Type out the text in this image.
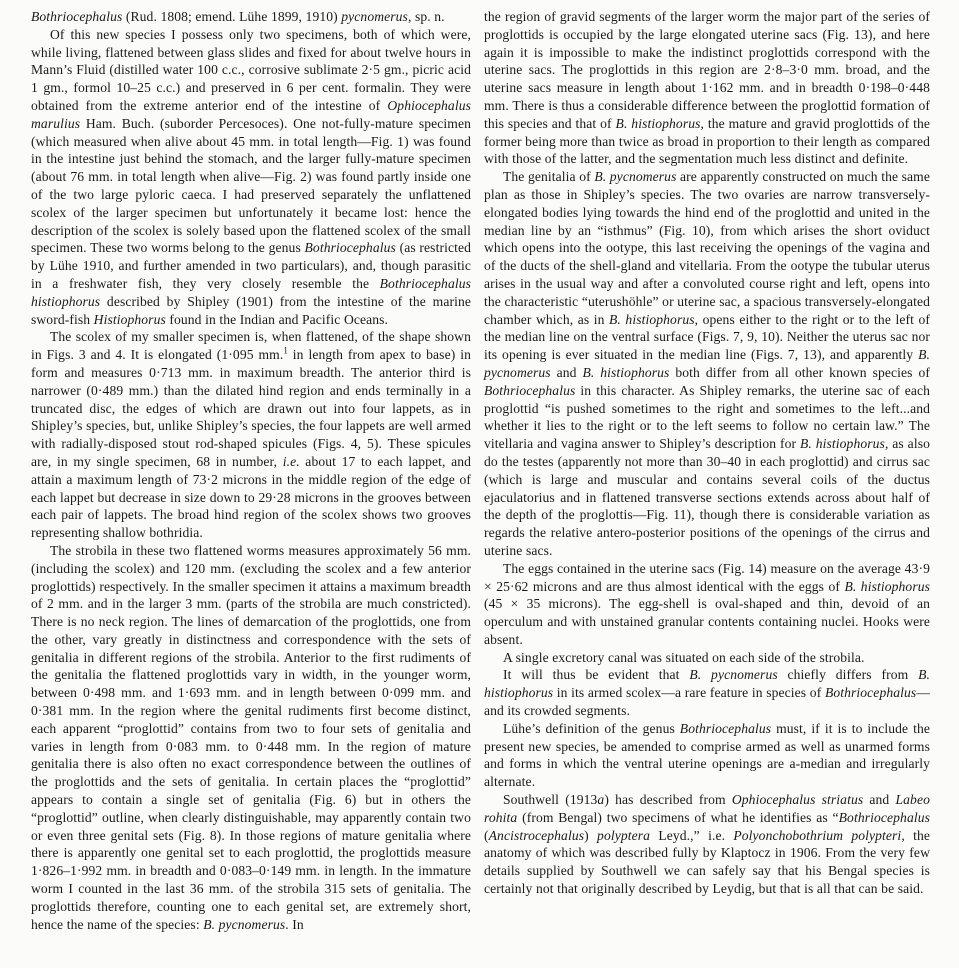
Bothriocephalus (Rud. 1808; emend. Lühe 1899, 1910) pycnomerus, sp. n.

Of this new species I possess only two specimens, both of which were, while living, flattened between glass slides and fixed for about twelve hours in Mann’s Fluid (distilled water 100 c.c., corrosive sublimate 2·5 gm., picric acid 1 gm., formol 10–25 c.c.) and preserved in 6 per cent. formalin. They were obtained from the extreme anterior end of the intestine of Ophiocephalus marulius Ham. Buch. (suborder Percesoces). One not-fully-mature specimen (which measured when alive about 45 mm. in total length—Fig. 1) was found in the intestine just behind the stomach, and the larger fully-mature specimen (about 76 mm. in total length when alive—Fig. 2) was found partly inside one of the two large pyloric caeca. I had preserved separately the unflattened scolex of the larger specimen but unfortunately it became lost: hence the description of the scolex is solely based upon the flattened scolex of the small specimen. These two worms belong to the genus Bothriocephalus (as restricted by Lühe 1910, and further amended in two particulars), and, though parasitic in a freshwater fish, they very closely resemble the Bothriocephalus histiophorus described by Shipley (1901) from the intestine of the marine sword-fish Histiophorus found in the Indian and Pacific Oceans.

The scolex of my smaller specimen is, when flattened, of the shape shown in Figs. 3 and 4. It is elongated (1·095 mm.$^1$ in length from apex to base) in form and measures 0·713 mm. in maximum breadth. The anterior third is narrower (0·489 mm.) than the dilated hind region and ends terminally in a truncated disc, the edges of which are drawn out into four lappets, as in Shipley’s species, but, unlike Shipley’s species, the four lappets are well armed with radially-disposed stout rod-shaped spicules (Figs. 4, 5). These spicules are, in my single specimen, 68 in number, i.e. about 17 to each lappet, and attain a maximum length of 73·2 microns in the middle region of the edge of each lappet but decrease in size down to 29·28 microns in the grooves between each pair of lappets. The broad hind region of the scolex shows two grooves representing shallow bothridia.

The strobila in these two flattened worms measures approximately 56 mm. (including the scolex) and 120 mm. (excluding the scolex and a few anterior proglottids) respectively. In the smaller specimen it attains a maximum breadth of 2 mm. and in the larger 3 mm. (parts of the strobila are much constricted). There is no neck region. The lines of demarcation of the proglottids, one from the other, vary greatly in distinctness and correspondence with the sets of genitalia in different regions of the strobila. Anterior to the first rudiments of the genitalia the flattened proglottids vary in width, in the younger worm, between 0·498 mm. and 1·693 mm. and in length between 0·099 mm. and 0·381 mm. In the region where the genital rudiments first become distinct, each apparent “proglottid” contains from two to four sets of genitalia and varies in length from 0·083 mm. to 0·448 mm. In the region of mature genitalia there is also often no exact correspondence between the outlines of the proglottids and the sets of genitalia. In certain places the “proglottid” appears to contain a single set of genitalia (Fig. 6) but in others the “proglottid” outline, when clearly distinguishable, may apparently contain two or even three genital sets (Fig. 8). In those regions of mature genitalia where there is apparently one genital set to each proglottid, the proglottids measure 1·826–1·992 mm. in breadth and 0·083–0·149 mm. in length. In the immature worm I counted in the last 36 mm. of the strobila 315 sets of genitalia. The proglottids therefore, counting one to each genital set, are extremely short, hence the name of the species: B. pycnomerus. In

the region of gravid segments of the larger worm the major part of the series of proglottids is occupied by the large elongated uterine sacs (Fig. 13), and here again it is impossible to make the indistinct proglottids correspond with the uterine sacs. The proglottids in this region are 2·8–3·0 mm. broad, and the uterine sacs measure in length about 1·162 mm. and in breadth 0·198–0·448 mm. There is thus a considerable difference between the proglottid formation of this species and that of B. histiophorus, the mature and gravid proglottids of the former being more than twice as broad in proportion to their length as compared with those of the latter, and the segmentation much less distinct and definite.

The genitalia of B. pycnomerus are apparently constructed on much the same plan as those in Shipley’s species. The two ovaries are narrow transversely-elongated bodies lying towards the hind end of the proglottid and united in the median line by an “isthmus” (Fig. 10), from which arises the short oviduct which opens into the ootype, this last receiving the openings of the vagina and of the ducts of the shell-gland and vitellaria. From the ootype the tubular uterus arises in the usual way and after a convoluted course right and left, opens into the characteristic “uterushöhle” or uterine sac, a spacious transversely-elongated chamber which, as in B. histiophorus, opens either to the right or to the left of the median line on the ventral surface (Figs. 7, 9, 10). Neither the uterus sac nor its opening is ever situated in the median line (Figs. 7, 13), and apparently B. pycnomerus and B. histiophorus both differ from all other known species of Bothriocephalus in this character. As Shipley remarks, the uterine sac of each proglottid “is pushed sometimes to the right and sometimes to the left...and whether it lies to the right or to the left seems to follow no certain law.” The vitellaria and vagina answer to Shipley’s description for B. histiophorus, as also do the testes (apparently not more than 30–40 in each proglottid) and cirrus sac (which is large and muscular and contains several coils of the ductus ejaculatorius and in flattened transverse sections extends across about half of the depth of the proglottis—Fig. 11), though there is considerable variation as regards the relative antero-posterior positions of the openings of the cirrus and uterine sacs.

The eggs contained in the uterine sacs (Fig. 14) measure on the average 43·9 × 25·62 microns and are thus almost identical with the eggs of B. histiophorus (45 × 35 microns). The egg-shell is oval-shaped and thin, devoid of an operculum and with unstained granular contents containing nuclei. Hooks were absent.

A single excretory canal was situated on each side of the strobila.

It will thus be evident that B. pycnomerus chiefly differs from B. histiophorus in its armed scolex—a rare feature in species of Bothriocephalus—and its crowded segments.

Lühe’s definition of the genus Bothriocephalus must, if it is to include the present new species, be amended to comprise armed as well as unarmed forms and forms in which the ventral uterine openings are a-median and irregularly alternate.

Southwell (1913a) has described from Ophiocephalus striatus and Labeo rohita (from Bengal) two specimens of what he identifies as “Bothriocephalus (Ancistrocephalus) polyptera Leyd.,” i.e. Polyonchobothrium polypteri, the anatomy of which was described fully by Klaptocz in 1906. From the very few details supplied by Southwell we can safely say that his Bengal species is certainly not that originally described by Leydig, but that is all that can be said.
